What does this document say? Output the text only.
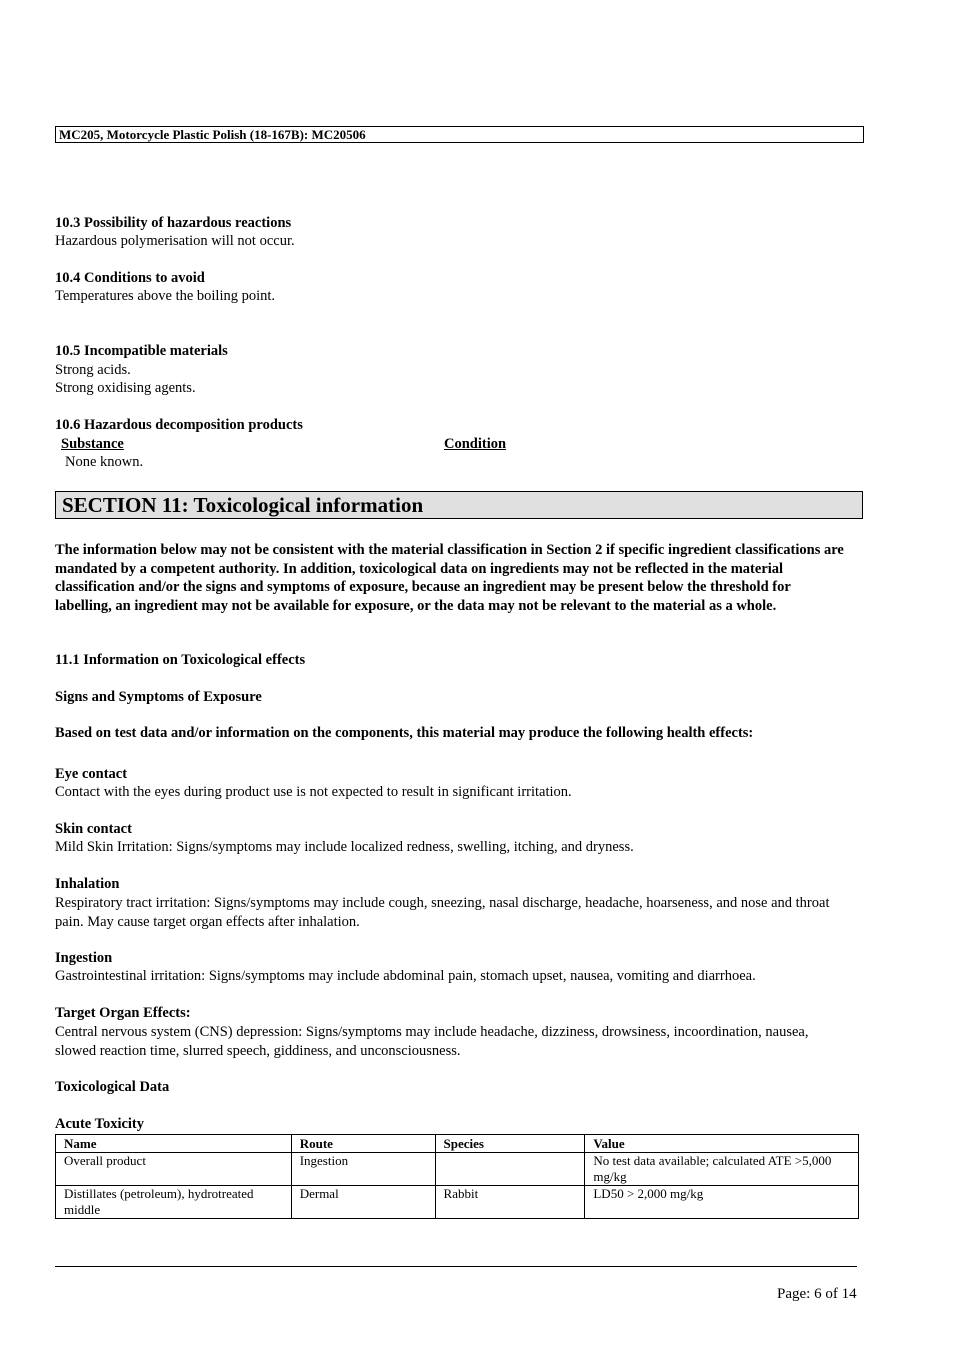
MC205, Motorcycle Plastic Polish (18-167B): MC20506
10.3 Possibility of hazardous reactions
Hazardous polymerisation will not occur.
10.4 Conditions to avoid
Temperatures above the boiling point.
10.5 Incompatible materials
Strong acids.
Strong oxidising agents.
10.6 Hazardous decomposition products
Substance	Condition
None known.
SECTION 11: Toxicological information
The information below may not be consistent with the material classification in Section 2 if specific ingredient classifications are mandated by a competent authority. In addition, toxicological data on ingredients may not be reflected in the material classification and/or the signs and symptoms of exposure, because an ingredient may be present below the threshold for labelling, an ingredient may not be available for exposure, or the data may not be relevant to the material as a whole.
11.1 Information on Toxicological effects
Signs and Symptoms of Exposure
Based on test data and/or information on the components, this material may produce the following health effects:
Eye contact
Contact with the eyes during product use is not expected to result in significant irritation.
Skin contact
Mild Skin Irritation: Signs/symptoms may include localized redness, swelling, itching, and dryness.
Inhalation
Respiratory tract irritation: Signs/symptoms may include cough, sneezing, nasal discharge, headache, hoarseness, and nose and throat pain. May cause target organ effects after inhalation.
Ingestion
Gastrointestinal irritation: Signs/symptoms may include abdominal pain, stomach upset, nausea, vomiting and diarrhoea.
Target Organ Effects:
Central nervous system (CNS) depression: Signs/symptoms may include headache, dizziness, drowsiness, incoordination, nausea, slowed reaction time, slurred speech, giddiness, and unconsciousness.
Toxicological Data
Acute Toxicity
Name	Route	Species	Value
Overall product	Ingestion		No test data available; calculated ATE >5,000 mg/kg
Distillates (petroleum), hydrotreated middle	Dermal	Rabbit	LD50 > 2,000 mg/kg
Page: 6 of 14
